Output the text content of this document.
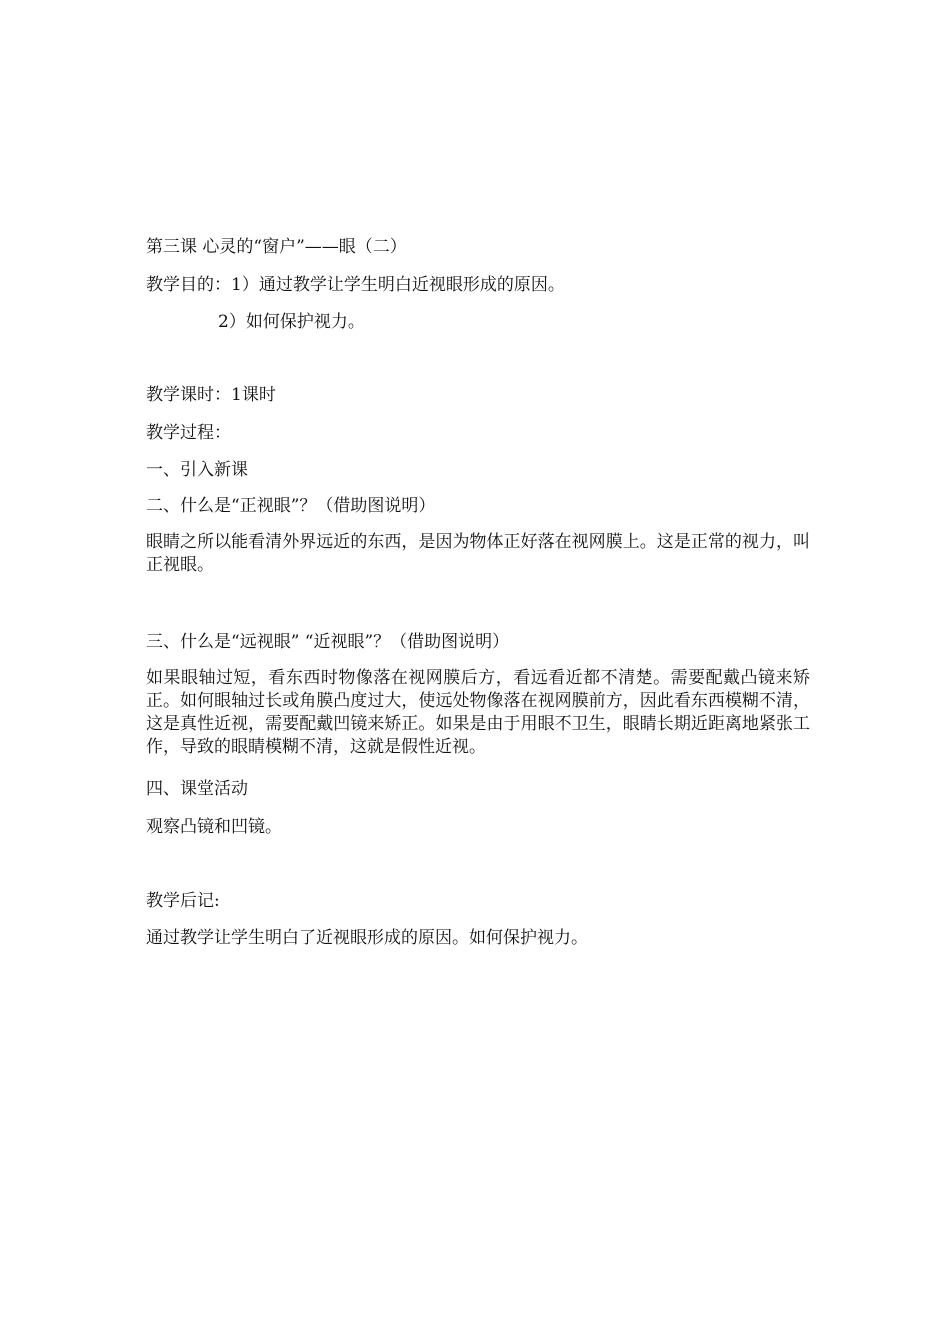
第三课 心灵的“窗户”——眼（二）
教学目的：1）通过教学让学生明白近视眼形成的原因。
2）如何保护视力。
教学课时：1课时
教学过程：
一、引入新课
二、什么是“正视眼”？（借助图说明）
眼睛之所以能看清外界远近的东西，是因为物体正好落在视网膜上。这是正常的视力，叫正视眼。
三、什么是“远视眼” “近视眼”？（借助图说明）
如果眼轴过短，看东西时物像落在视网膜后方，看远看近都不清楚。需要配戴凸镜来矫正。如何眼轴过长或角膜凸度过大，使远处物像落在视网膜前方，因此看东西模糊不清，这是真性近视，需要配戴凹镜来矫正。如果是由于用眼不卫生，眼睛长期近距离地紧张工作，导致的眼睛模糊不清，这就是假性近视。
四、课堂活动
观察凸镜和凹镜。
教学后记:
通过教学让学生明白了近视眼形成的原因。如何保护视力。
